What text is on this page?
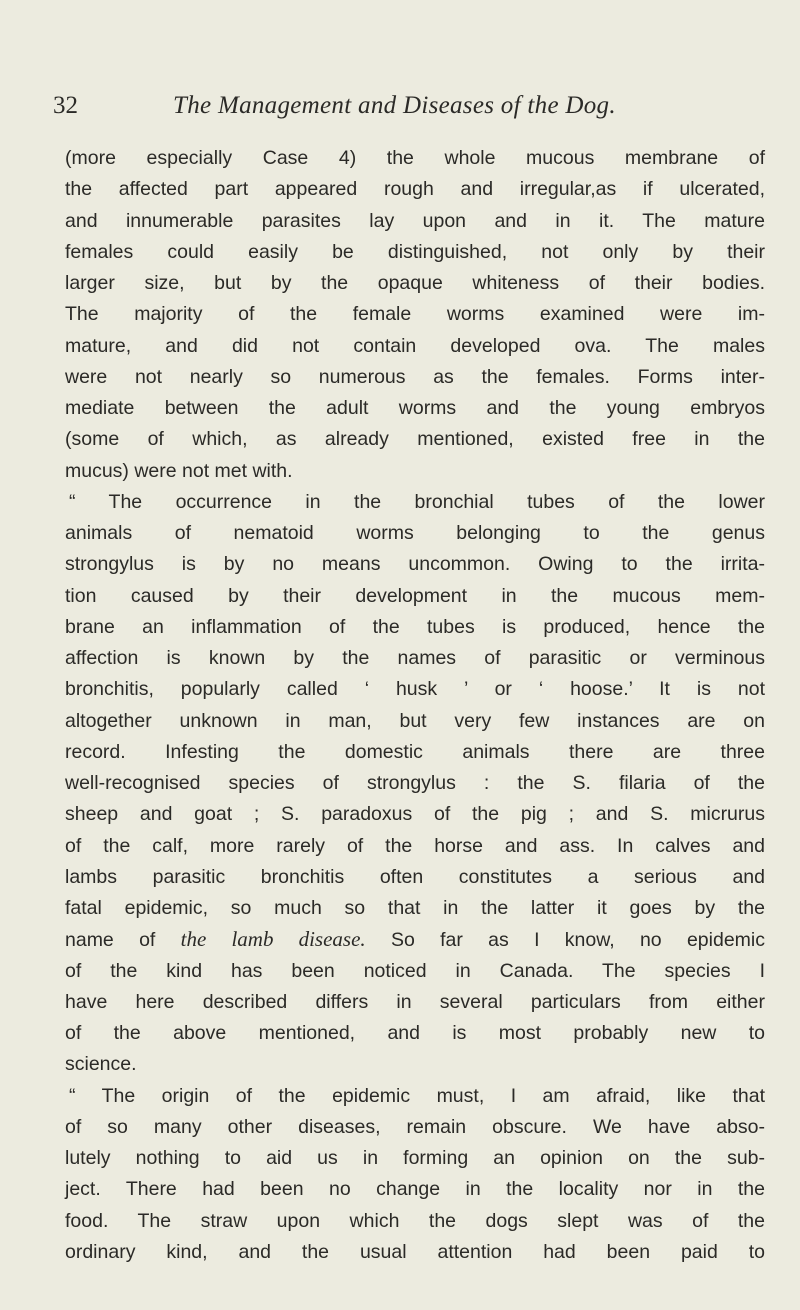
32	The Management and Diseases of the Dog.
(more especially Case 4) the whole mucous membrane of
the affected part appeared rough and irregular,as if ulcerated,
and innumerable parasites lay upon and in it. The mature
females could easily be distinguished, not only by their
larger size, but by the opaque whiteness of their bodies.
The majority of the female worms examined were im-
mature, and did not contain developed ova. The males
were not nearly so numerous as the females. Forms inter-
mediate between the adult worms and the young embryos
(some of which, as already mentioned, existed free in the
mucus) were not met with.
“ The occurrence in the bronchial tubes of the lower
animals of nematoid worms belonging to the genus
strongylus is by no means uncommon. Owing to the irrita-
tion caused by their development in the mucous mem-
brane an inflammation of the tubes is produced, hence the
affection is known by the names of parasitic or verminous
bronchitis, popularly called ‘ husk ’ or ‘ hoose.’ It is not
altogether unknown in man, but very few instances are on
record. Infesting the domestic animals there are three
well-recognised species of strongylus : the S. filaria of the
sheep and goat ; S. paradoxus of the pig ; and S. micrurus
of the calf, more rarely of the horse and ass. In calves and
lambs parasitic bronchitis often constitutes a serious and
fatal epidemic, so much so that in the latter it goes by the
name of the lamb disease. So far as I know, no epidemic
of the kind has been noticed in Canada. The species I
have here described differs in several particulars from either
of the above mentioned, and is most probably new to
science.
“ The origin of the epidemic must, I am afraid, like that
of so many other diseases, remain obscure. We have abso-
lutely nothing to aid us in forming an opinion on the sub-
ject. There had been no change in the locality nor in the
food. The straw upon which the dogs slept was of the
ordinary kind, and the usual attention had been paid to
